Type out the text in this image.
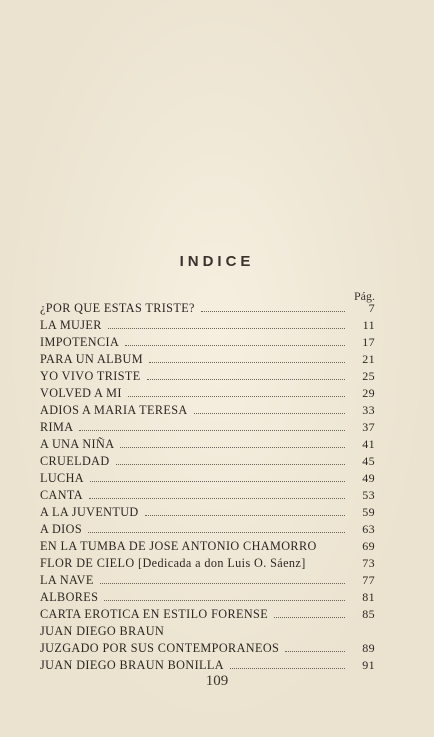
INDICE
Pág.
¿POR QUE ESTAS TRISTE?	7
LA MUJER	11
IMPOTENCIA	17
PARA UN ALBUM	21
YO VIVO TRISTE	25
VOLVED A MI	29
ADIOS A MARIA TERESA	33
RIMA	37
A UNA NIÑA	41
CRUELDAD	45
LUCHA	49
CANTA	53
A LA JUVENTUD	59
A DIOS	63
EN LA TUMBA DE JOSE ANTONIO CHAMORRO	69
FLOR DE CIELO [Dedicada a don Luis O. Sáenz]	73
LA NAVE	77
ALBORES	81
CARTA EROTICA EN ESTILO FORENSE	85
JUAN DIEGO BRAUN
JUZGADO POR SUS CONTEMPORANEOS	89
JUAN DIEGO BRAUN BONILLA	91
109
